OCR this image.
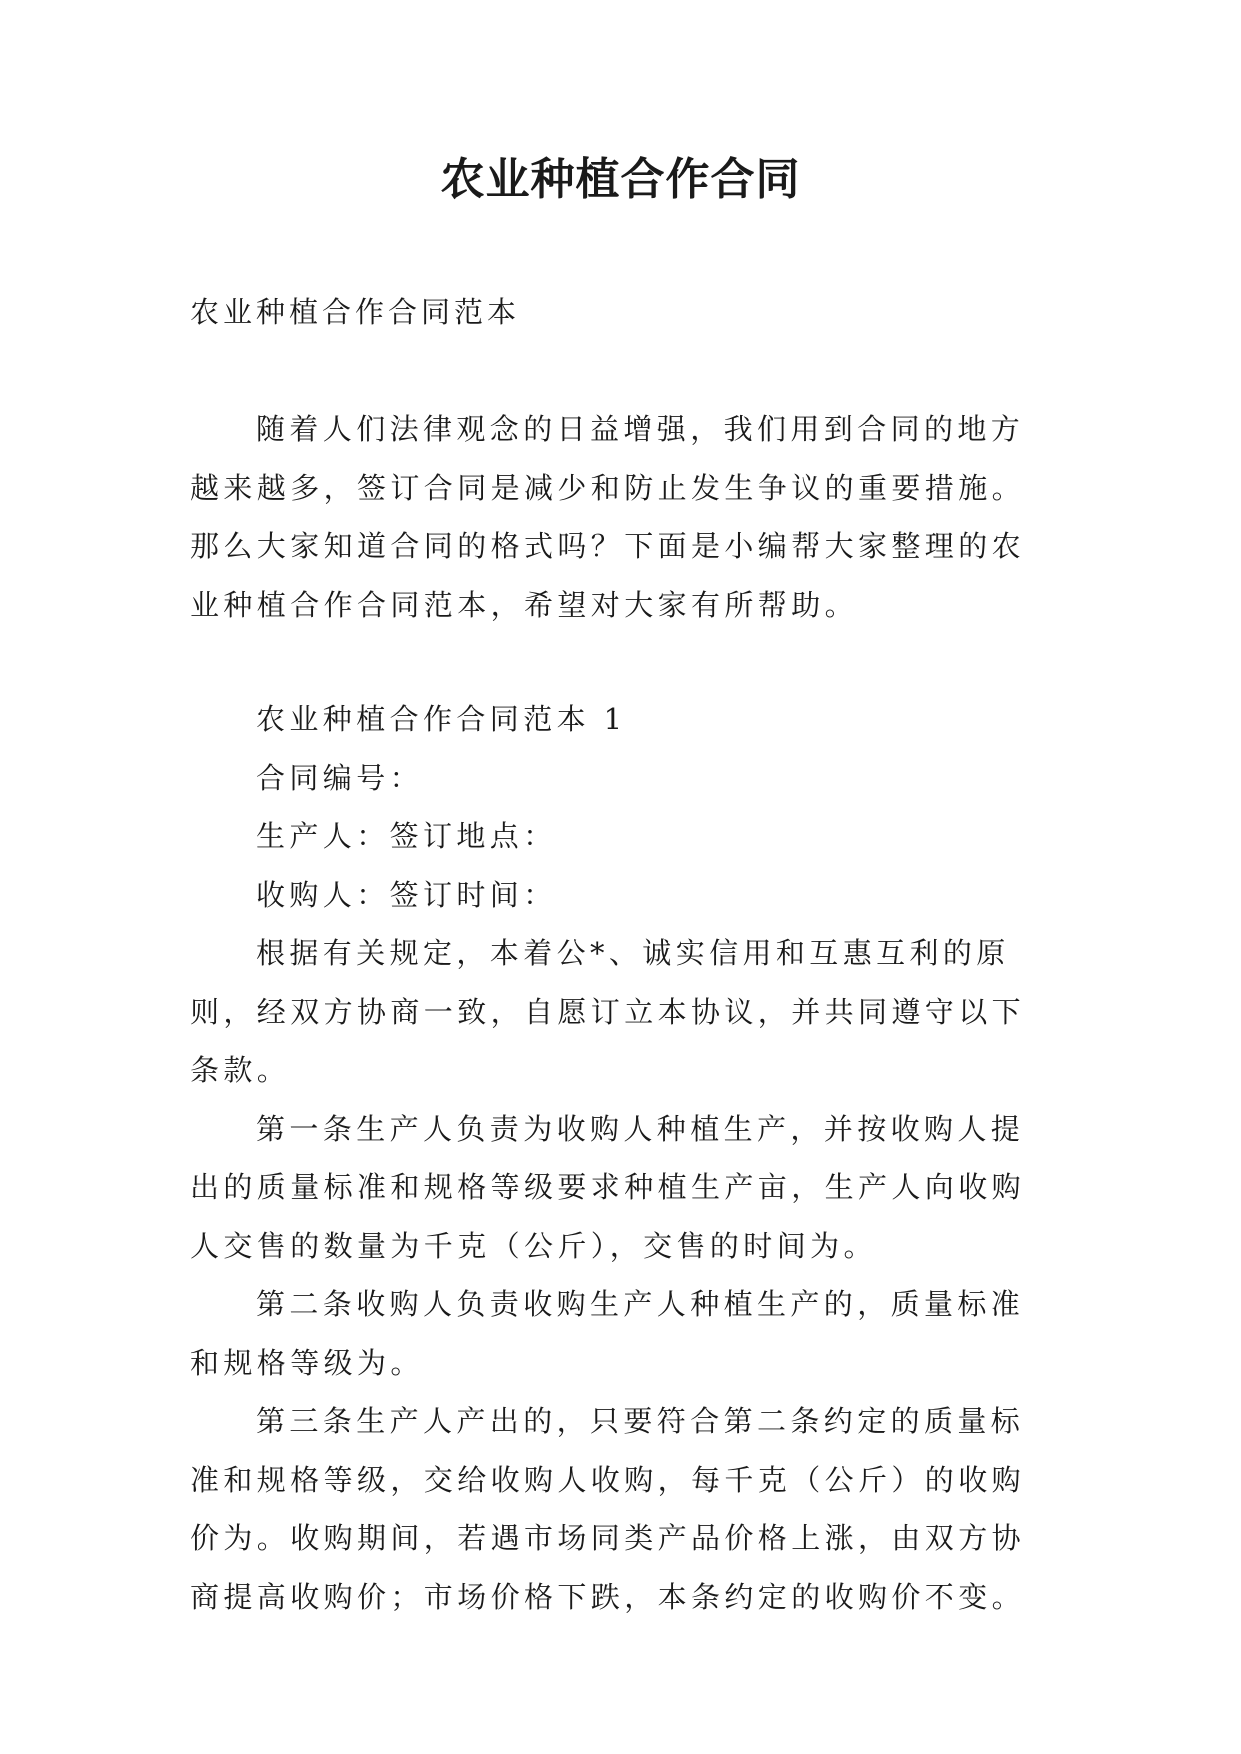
农业种植合作合同

农业种植合作合同范本

随着人们法律观念的日益增强，我们用到合同的地方越来越多，签订合同是减少和防止发生争议的重要措施。那么大家知道合同的格式吗？下面是小编帮大家整理的农业种植合作合同范本，希望对大家有所帮助。

农业种植合作合同范本 1

合同编号：

生产人：签订地点：

收购人：签订时间：

根据有关规定，本着公*、诚实信用和互惠互利的原则，经双方协商一致，自愿订立本协议，并共同遵守以下条款。

第一条生产人负责为收购人种植生产，并按收购人提出的质量标准和规格等级要求种植生产亩，生产人向收购人交售的数量为千克（公斤），交售的时间为。

第二条收购人负责收购生产人种植生产的，质量标准和规格等级为。

第三条生产人产出的，只要符合第二条约定的质量标准和规格等级，交给收购人收购，每千克（公斤）的收购价为。收购期间，若遇市场同类产品价格上涨，由双方协商提高收购价；市场价格下跌，本条约定的收购价不变。
